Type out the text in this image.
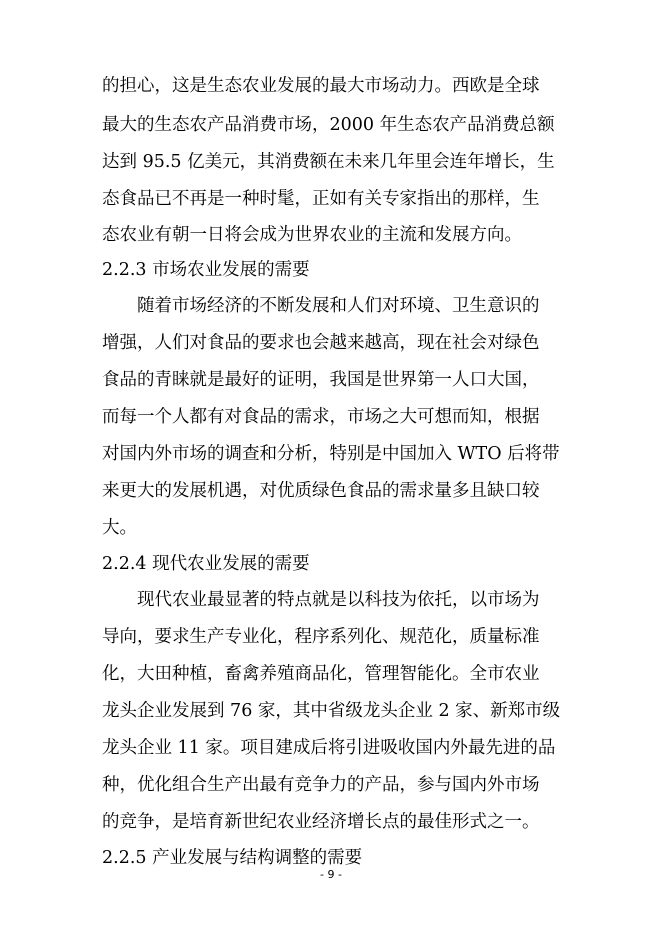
的担心，这是生态农业发展的最大市场动力。西欧是全球
最大的生态农产品消费市场，2000 年生态农产品消费总额
达到 95.5 亿美元，其消费额在未来几年里会连年增长，生
态食品已不再是一种时髦，正如有关专家指出的那样，生
态农业有朝一日将会成为世界农业的主流和发展方向。
2.2.3 市场农业发展的需要
随着市场经济的不断发展和人们对环境、卫生意识的
增强，人们对食品的要求也会越来越高，现在社会对绿色
食品的青睐就是最好的证明，我国是世界第一人口大国，
而每一个人都有对食品的需求，市场之大可想而知，根据
对国内外市场的调查和分析，特别是中国加入 WTO 后将带
来更大的发展机遇，对优质绿色食品的需求量多且缺口较
大。
2.2.4 现代农业发展的需要
现代农业最显著的特点就是以科技为依托，以市场为
导向，要求生产专业化，程序系列化、规范化，质量标准
化，大田种植，畜禽养殖商品化，管理智能化。全市农业
龙头企业发展到 76 家，其中省级龙头企业 2 家、新郑市级
龙头企业 11 家。项目建成后将引进吸收国内外最先进的品
种，优化组合生产出最有竞争力的产品，参与国内外市场
的竞争，是培育新世纪农业经济增长点的最佳形式之一。
2.2.5 产业发展与结构调整的需要
- 9 -
